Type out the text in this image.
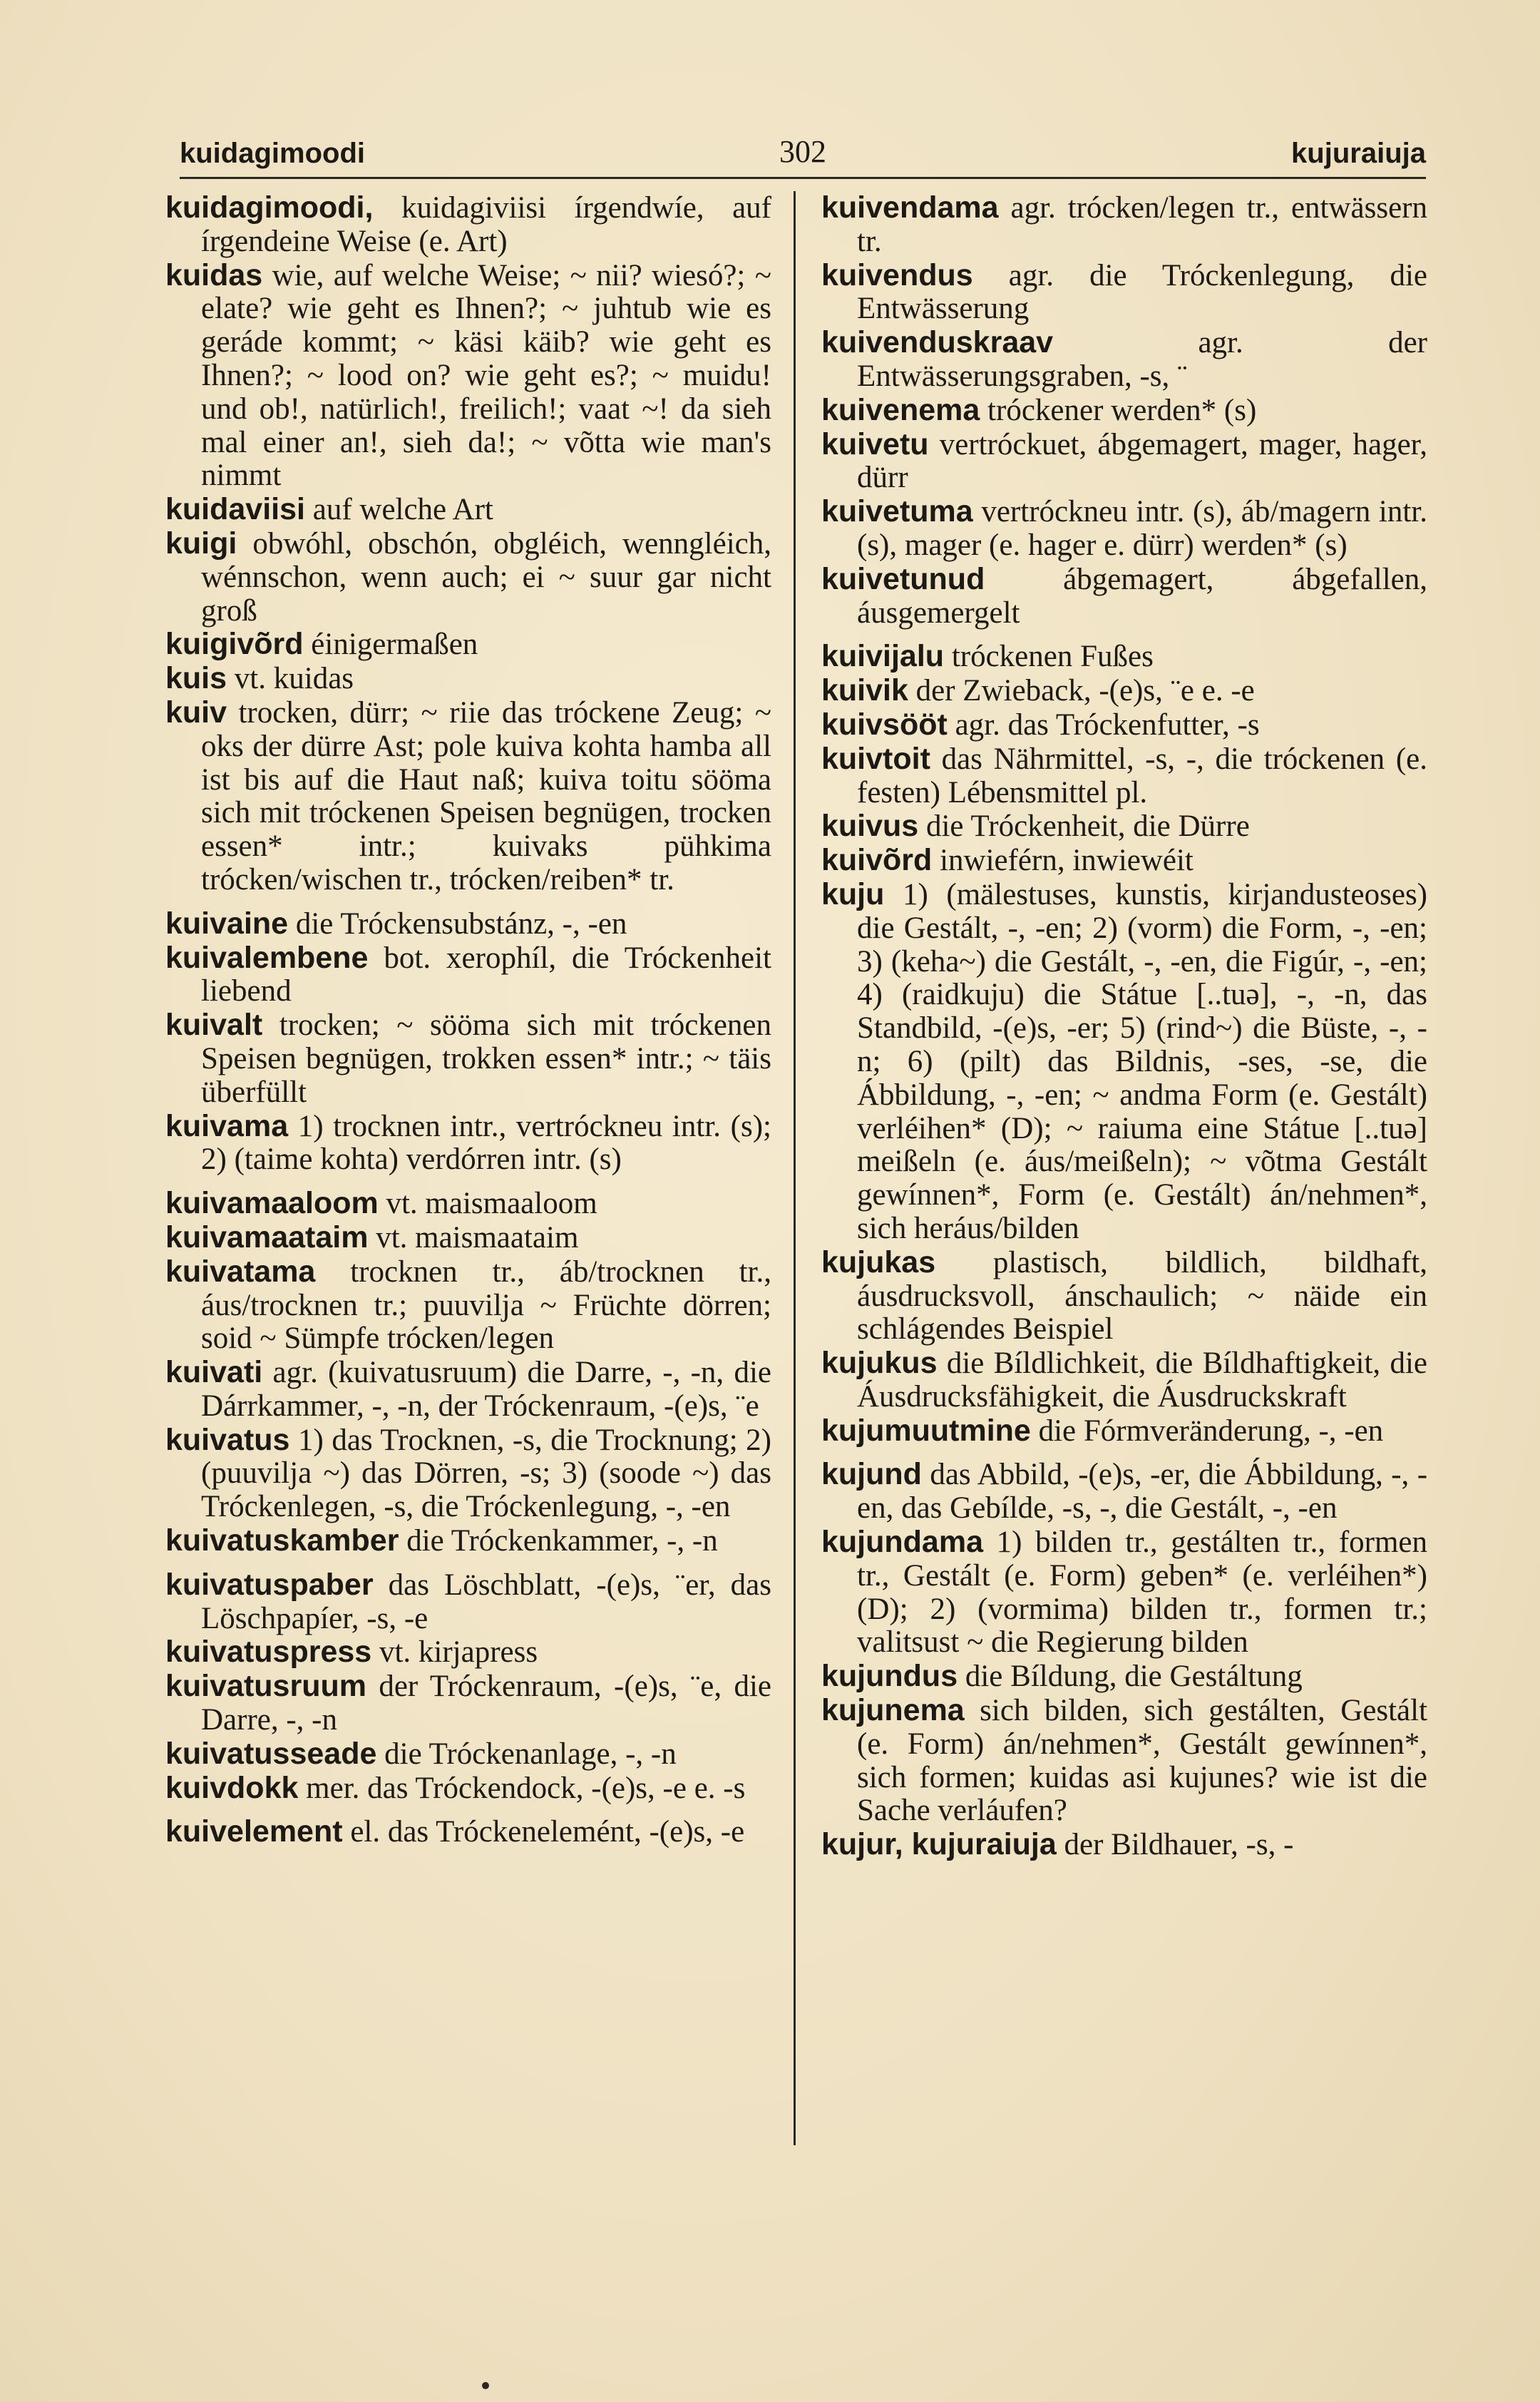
kuidagimoodi	302	kujuraiuja

kuidagimoodi, kuidagiviisi írgendwíe, auf írgendeine Weise (e. Art)

kuidas wie, auf welche Weise; ~ nii? wiesó?; ~ elate? wie geht es Ihnen?; ~ juhtub wie es geráde kommt; ~ käsi käib? wie geht es Ihnen?; ~ lood on? wie geht es?; ~ muidu! und ob!, natürlich!, freilich!; vaat ~! da sieh mal einer an!, sieh da!; ~ võtta wie man's nimmt

kuidaviisi auf welche Art

kuigi obwóhl, obschón, obgléich, wenngléich, wénnschon, wenn auch; ei ~ suur gar nicht groß

kuigivõrd éinigermaßen

kuis vt. kuidas

kuiv trocken, dürr; ~ riie das tróckene Zeug; ~ oks der dürre Ast; pole kuiva kohta hamba all ist bis auf die Haut naß; kuiva toitu sööma sich mit tróckenen Speisen begnügen, trocken essen* intr.; kuivaks pühkima trócken/wischen tr., trócken/reiben* tr.

kuivaine die Tróckensubstánz, -, -en

kuivalembene bot. xerophíl, die Tróckenheit liebend

kuivalt trocken; ~ sööma sich mit tróckenen Speisen begnügen, trokken essen* intr.; ~ täis überfüllt

kuivama 1) trocknen intr., vertróckneu intr. (s); 2) (taime kohta) verdórren intr. (s)

kuivamaaloom vt. maismaaloom

kuivamaataim vt. maismaataim

kuivatama trocknen tr., áb/trocknen tr., áus/trocknen tr.; puuvilja ~ Früchte dörren; soid ~ Sümpfe trócken/legen

kuivati agr. (kuivatusruum) die Darre, -, -n, die Dárrkammer, -, -n, der Tróckenraum, -(e)s, ¨e

kuivatus 1) das Trocknen, -s, die Trocknung; 2) (puuvilja ~) das Dörren, -s; 3) (soode ~) das Tróckenlegen, -s, die Tróckenlegung, -, -en

kuivatuskamber die Tróckenkammer, -, -n

kuivatuspaber das Löschblatt, -(e)s, ¨er, das Löschpapíer, -s, -e

kuivatuspress vt. kirjapress

kuivatusruum der Tróckenraum, -(e)s, ¨e, die Darre, -, -n

kuivatusseade die Tróckenanlage, -, -n

kuivdokk mer. das Tróckendock, -(e)s, -e e. -s

kuivelement el. das Tróckenelemént, -(e)s, -e

kuivendama agr. trócken/legen tr., entwässern tr.

kuivendus agr. die Tróckenlegung, die Entwässerung

kuivenduskraav	agr. der Entwässerungsgraben, -s, ¨

kuivenema tróckener werden* (s)

kuivetu vertróckuet, ábgemagert, mager, hager, dürr

kuivetuma vertróckneu intr. (s), áb/magern intr. (s), mager (e. hager e. dürr) werden* (s)

kuivetunud	ábgemagert, ábgefallen, áusgemergelt

kuivijalu tróckenen Fußes

kuivik der Zwieback, -(e)s, ¨e e. -e

kuivsööt agr. das Tróckenfutter, -s

kuivtoit das Nährmittel, -s, -, die tróckenen (e. festen) Lébensmittel pl.

kuivus die Tróckenheit, die Dürre

kuivõrd inwieférn, inwiewéit

kuju 1) (mälestuses, kunstis, kirjandusteoses) die Gestált, -, -en; 2) (vorm) die Form, -, -en; 3) (keha~) die Gestált, -, -en, die Figúr, -, -en; 4) (raidkuju) die Státue [..tuə], -, -n, das Standbild, -(e)s, -er; 5) (rind~) die Büste, -, -n; 6) (pilt) das Bildnis, -ses, -se, die Ábbildung, -, -en; ~ andma Form (e. Gestált) verléihen* (D); ~ raiuma eine Státue [..tuə] meißeln (e. áus/meißeln); ~ võtma Gestált gewínnen*, Form (e. Gestált) án/nehmen*, sich heráus/bilden

kujukas plastisch, bildlich, bildhaft, áusdrucksvoll, ánschaulich; ~ näide ein schlágendes Beispiel

kujukus die Bíldlichkeit, die Bíldhaftigkeit, die Áusdrucksfähigkeit, die Áusdruckskraft

kujumuutmine die Fórmveränderung, -, -en

kujund das Abbild, -(e)s, -er, die Ábbildung, -, -en, das Gebílde, -s, -, die Gestált, -, -en

kujundama 1) bilden tr., gestálten tr., formen tr., Gestált (e. Form) geben* (e. verléihen*) (D); 2) (vormima) bilden tr., formen tr.; valitsust ~ die Regierung bilden

kujundus die Bíldung, die Gestáltung

kujunema sich bilden, sich gestálten, Gestált (e. Form) án/nehmen*, Gestált gewínnen*, sich formen; kuidas asi kujunes? wie ist die Sache verláufen?

kujur, kujuraiuja der Bildhauer, -s, -
